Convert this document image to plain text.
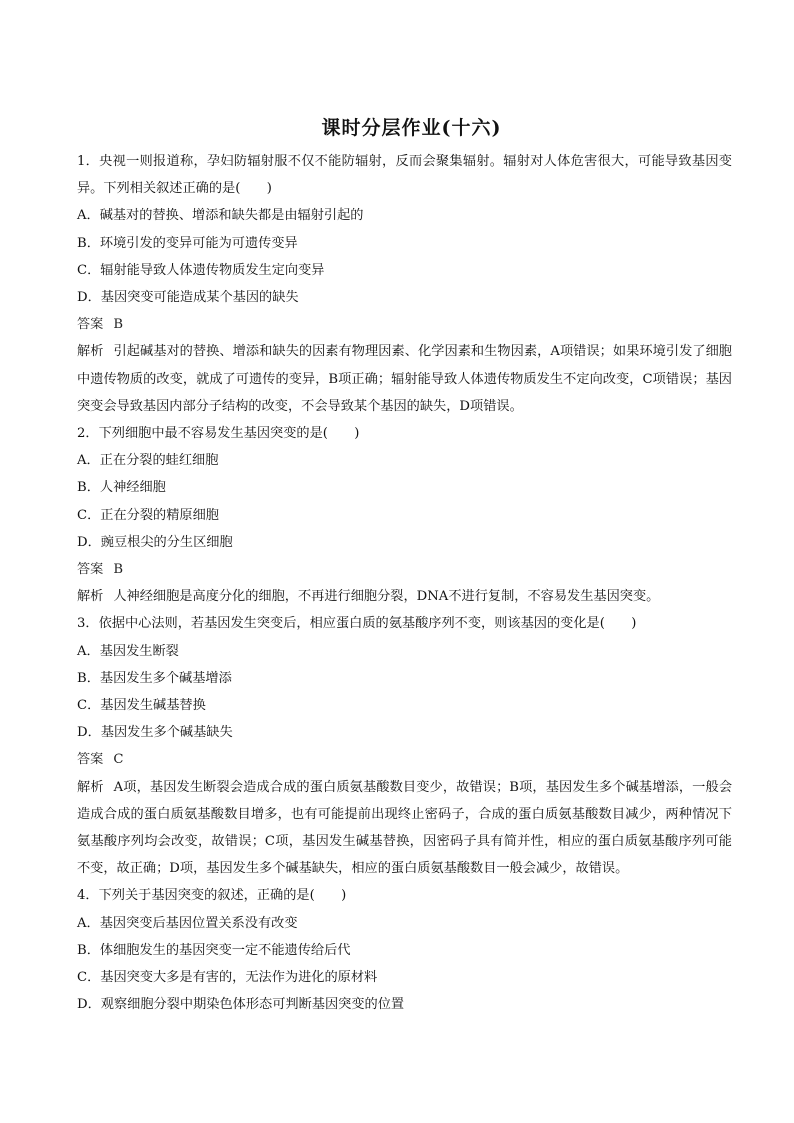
课时分层作业(十六)
1．央视一则报道称，孕妇防辐射服不仅不能防辐射，反而会聚集辐射。辐射对人体危害很大，可能导致基因变异。下列相关叙述正确的是(　　)
A．碱基对的替换、增添和缺失都是由辐射引起的
B．环境引发的变异可能为可遗传变异
C．辐射能导致人体遗传物质发生定向变异
D．基因突变可能造成某个基因的缺失
答案 B
解析 引起碱基对的替换、增添和缺失的因素有物理因素、化学因素和生物因素，A项错误；如果环境引发了细胞中遗传物质的改变，就成了可遗传的变异，B项正确；辐射能导致人体遗传物质发生不定向改变，C项错误；基因突变会导致基因内部分子结构的改变，不会导致某个基因的缺失，D项错误。
2．下列细胞中最不容易发生基因突变的是(　　)
A．正在分裂的蛙红细胞
B．人神经细胞
C．正在分裂的精原细胞
D．豌豆根尖的分生区细胞
答案 B
解析 人神经细胞是高度分化的细胞，不再进行细胞分裂，DNA不进行复制，不容易发生基因突变。
3．依据中心法则，若基因发生突变后，相应蛋白质的氨基酸序列不变，则该基因的变化是(　　)
A．基因发生断裂
B．基因发生多个碱基增添
C．基因发生碱基替换
D．基因发生多个碱基缺失
答案 C
解析 A项，基因发生断裂会造成合成的蛋白质氨基酸数目变少，故错误；B项，基因发生多个碱基增添，一般会造成合成的蛋白质氨基酸数目增多，也有可能提前出现终止密码子，合成的蛋白质氨基酸数目减少，两种情况下氨基酸序列均会改变，故错误；C项，基因发生碱基替换，因密码子具有简并性，相应的蛋白质氨基酸序列可能不变，故正确；D项，基因发生多个碱基缺失，相应的蛋白质氨基酸数目一般会减少，故错误。
4．下列关于基因突变的叙述，正确的是(　　)
A．基因突变后基因位置关系没有改变
B．体细胞发生的基因突变一定不能遗传给后代
C．基因突变大多是有害的，无法作为进化的原材料
D．观察细胞分裂中期染色体形态可判断基因突变的位置
